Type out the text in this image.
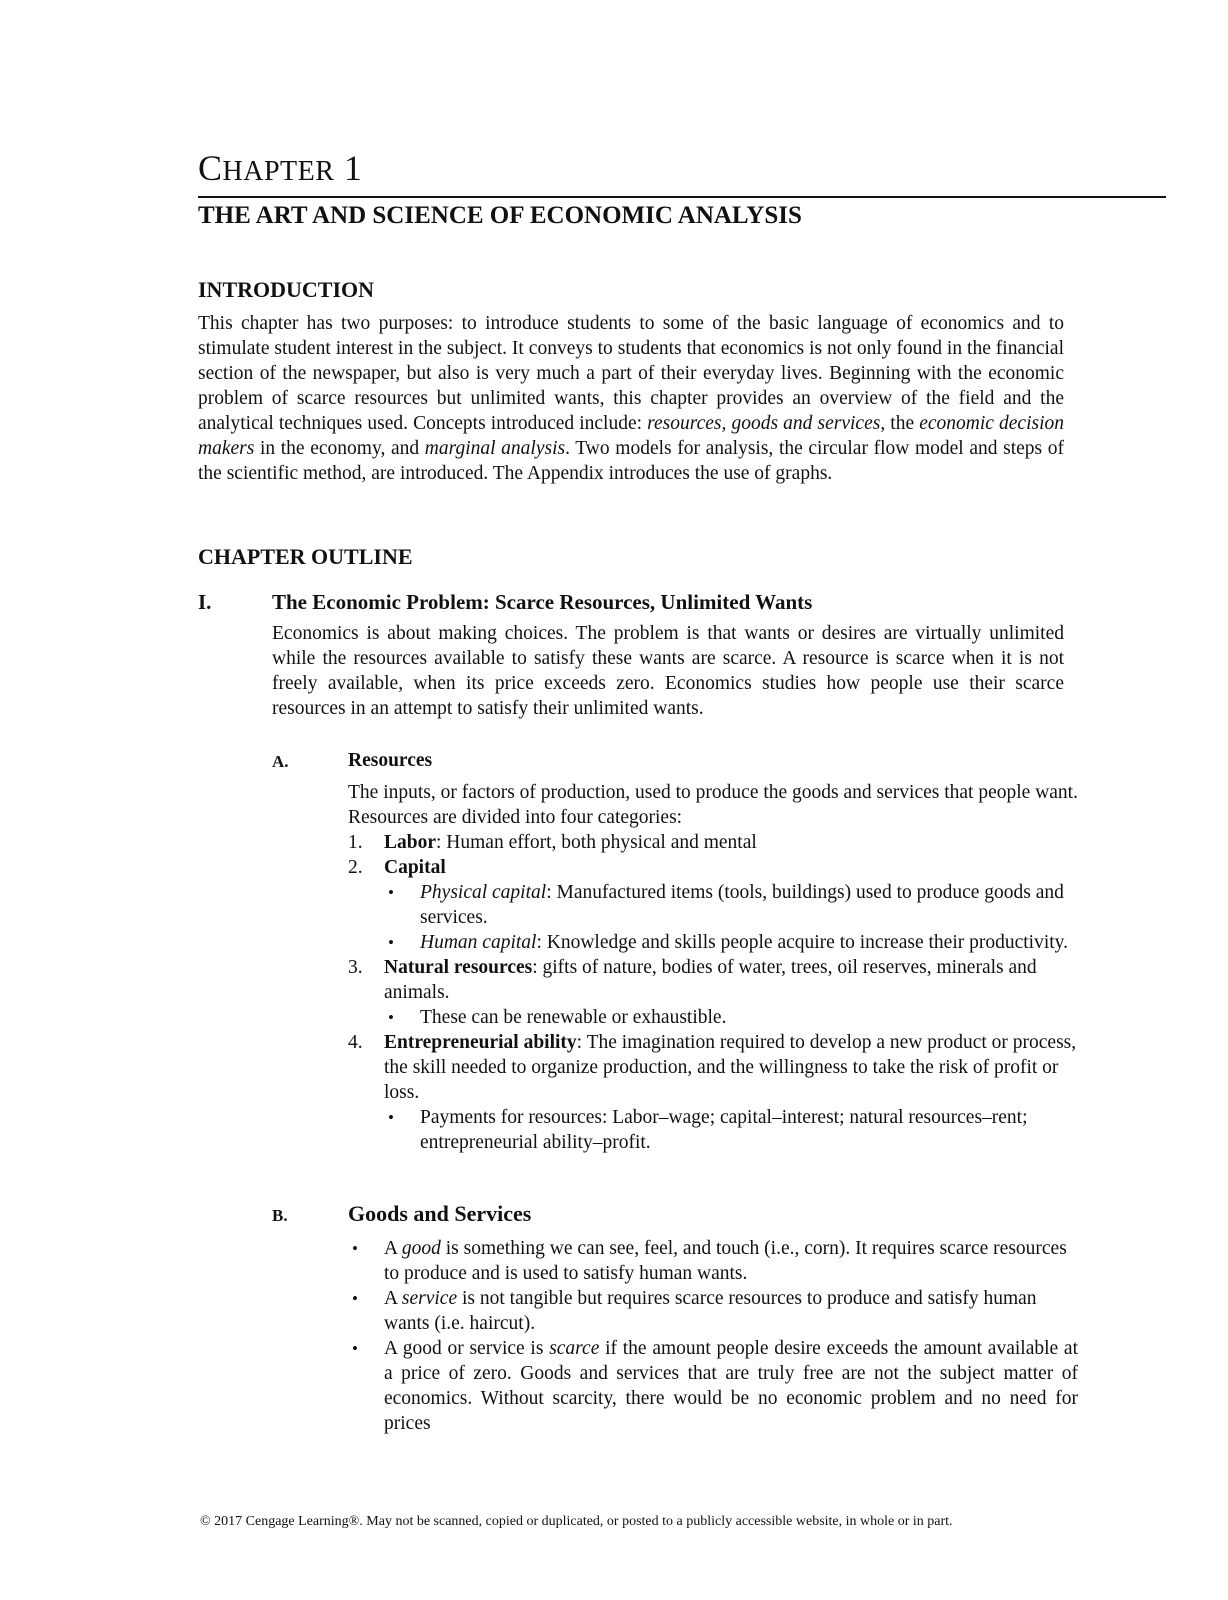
CHAPTER 1
THE ART AND SCIENCE OF ECONOMIC ANALYSIS
INTRODUCTION

This chapter has two purposes: to introduce students to some of the basic language of economics and to stimulate student interest in the subject. It conveys to students that economics is not only found in the financial section of the newspaper, but also is very much a part of their everyday lives. Beginning with the economic problem of scarce resources but unlimited wants, this chapter provides an overview of the field and the analytical techniques used. Concepts introduced include: resources, goods and services, the economic decision makers in the economy, and marginal analysis. Two models for analysis, the circular flow model and steps of the scientific method, are introduced. The Appendix introduces the use of graphs.

CHAPTER OUTLINE
I.	The Economic Problem: Scarce Resources, Unlimited Wants

Economics is about making choices. The problem is that wants or desires are virtually unlimited while the resources available to satisfy these wants are scarce. A resource is scarce when it is not freely available, when its price exceeds zero. Economics studies how people use their scarce resources in an attempt to satisfy their unlimited wants.

A.	Resources
The inputs, or factors of production, used to produce the goods and services that people want. Resources are divided into four categories:
1. Labor: Human effort, both physical and mental
2. Capital
• Physical capital: Manufactured items (tools, buildings) used to produce goods and services.
• Human capital: Knowledge and skills people acquire to increase their productivity.
3. Natural resources: gifts of nature, bodies of water, trees, oil reserves, minerals and animals.
• These can be renewable or exhaustible.
4. Entrepreneurial ability: The imagination required to develop a new product or process, the skill needed to organize production, and the willingness to take the risk of profit or loss.
• Payments for resources: Labor–wage; capital–interest; natural resources–rent; entrepreneurial ability–profit.
B.	Goods and Services
• A good is something we can see, feel, and touch (i.e., corn). It requires scarce resources to produce and is used to satisfy human wants.
• A service is not tangible but requires scarce resources to produce and satisfy human wants (i.e. haircut).
• A good or service is scarce if the amount people desire exceeds the amount available at a price of zero. Goods and services that are truly free are not the subject matter of economics. Without scarcity, there would be no economic problem and no need for prices
© 2017 Cengage Learning®. May not be scanned, copied or duplicated, or posted to a publicly accessible website, in whole or in part.
